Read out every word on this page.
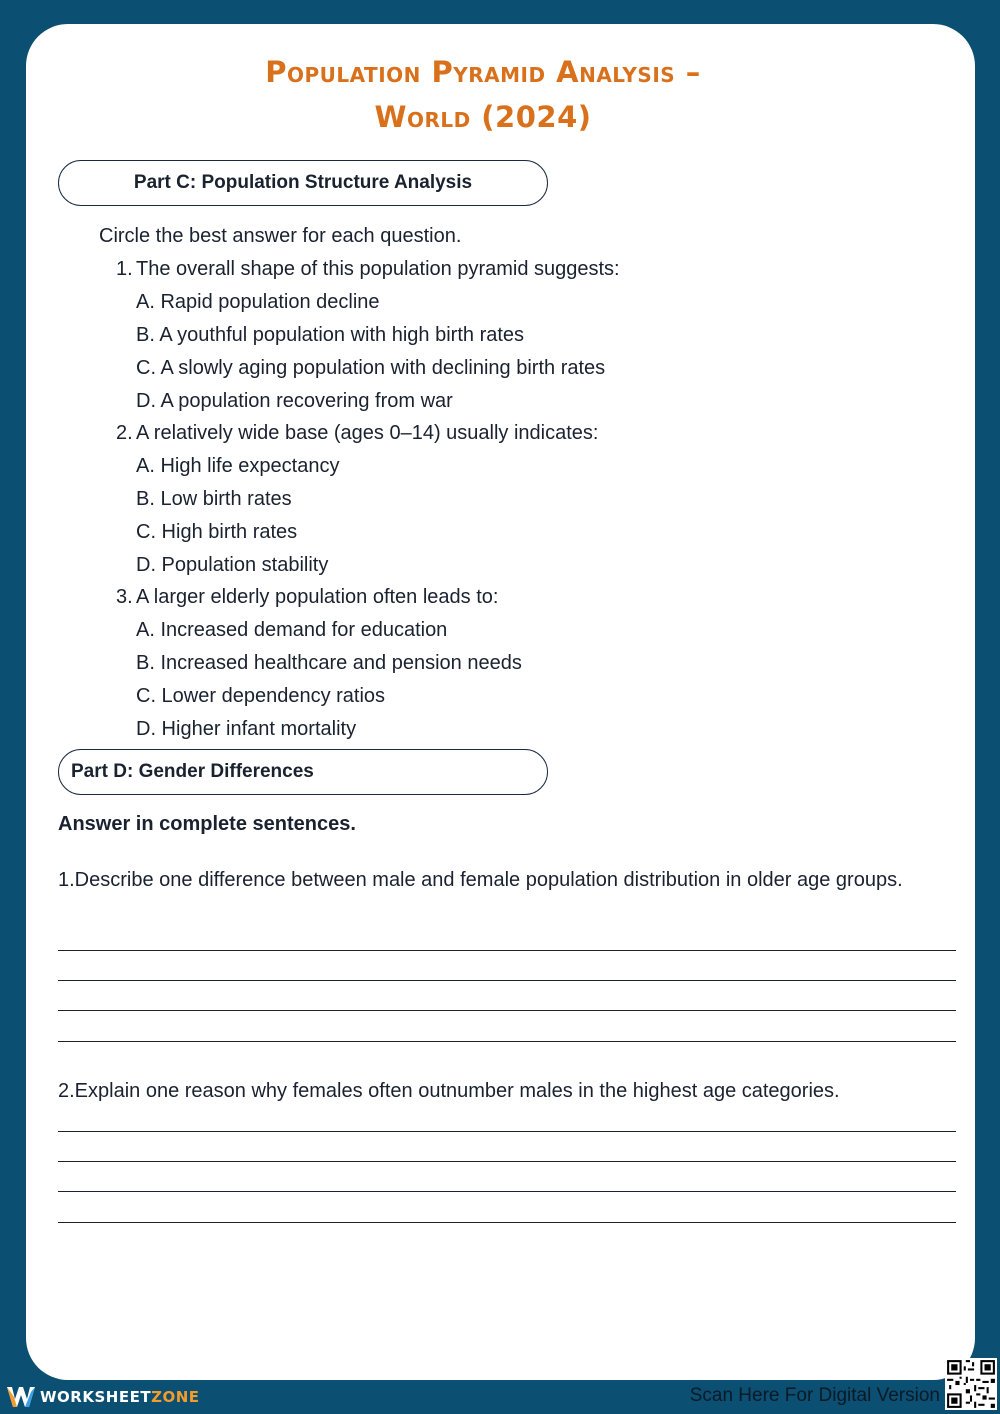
Population Pyramid Analysis –
World (2024)
Part C: Population Structure Analysis
Circle the best answer for each question.
1. The overall shape of this population pyramid suggests:
A. Rapid population decline
B. A youthful population with high birth rates
C. A slowly aging population with declining birth rates
D. A population recovering from war
2. A relatively wide base (ages 0–14) usually indicates:
A. High life expectancy
B. Low birth rates
C. High birth rates
D. Population stability
3. A larger elderly population often leads to:
A. Increased demand for education
B. Increased healthcare and pension needs
C. Lower dependency ratios
D. Higher infant mortality
Part D: Gender Differences
Answer in complete sentences.
1.Describe one difference between male and female population distribution in older age groups.
2.Explain one reason why females often outnumber males in the highest age categories.
WORKSHEETZONE	Scan Here For Digital Version
